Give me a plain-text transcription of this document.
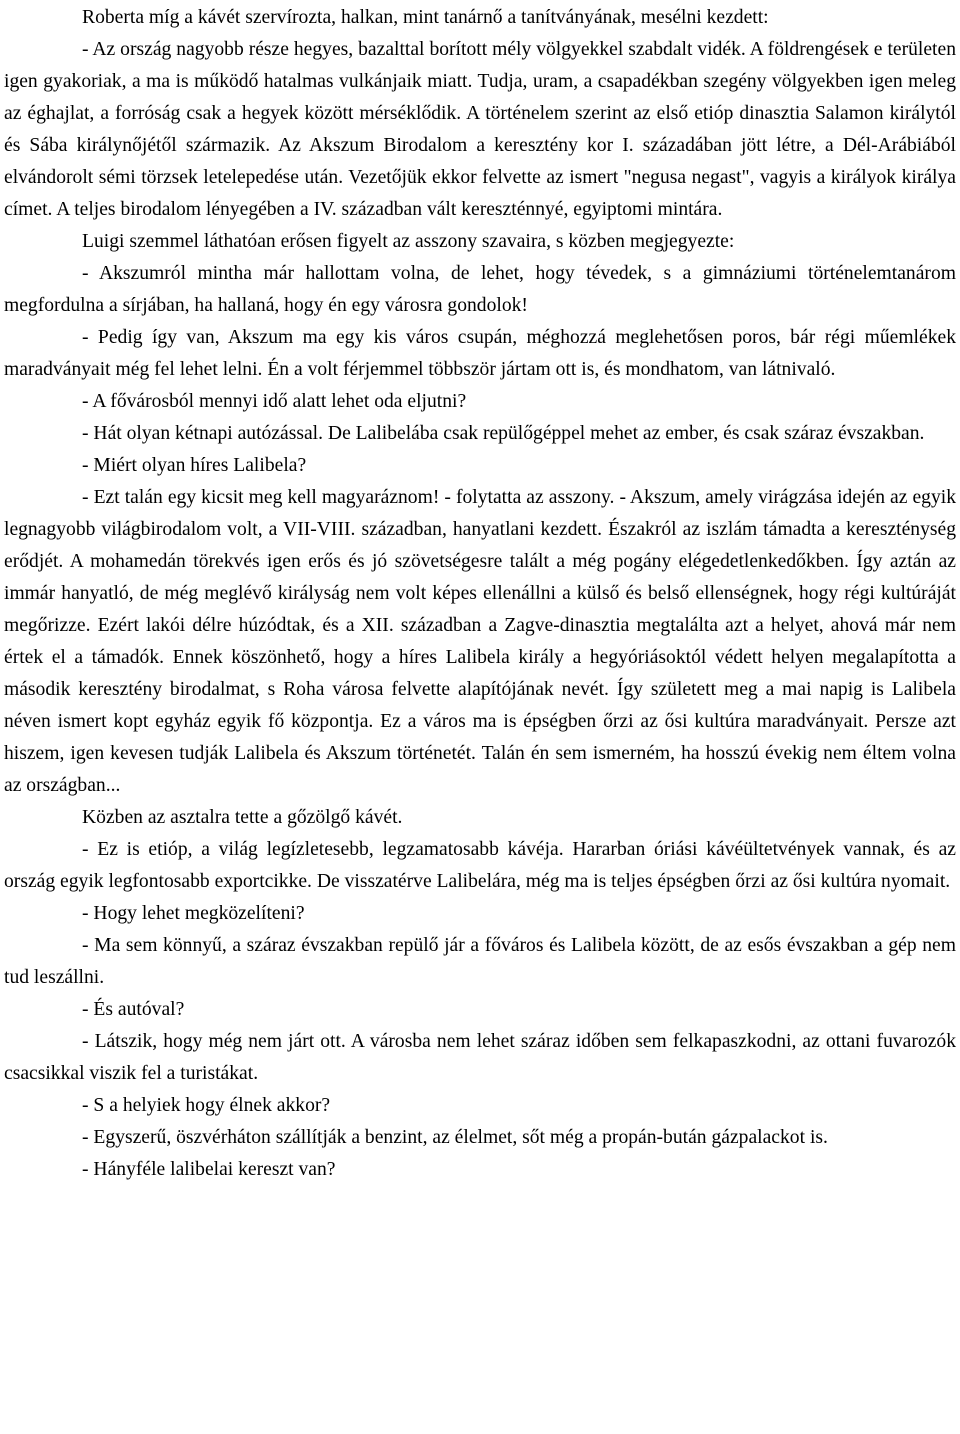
Roberta míg a kávét szervírozta, halkan, mint tanárnő a tanítványának, mesélni kezdett:

- Az ország nagyobb része hegyes, bazalttal borított mély völgyekkel szabdalt vidék. A földrengések e területen igen gyakoriak, a ma is működő hatalmas vulkánjaik miatt. Tudja, uram, a csapadékban szegény völgyekben igen meleg az éghajlat, a forróság csak a hegyek között mérséklődik. A történelem szerint az első etióp dinasztia Salamon királytól és Sába királynőjétől származik. Az Akszum Birodalom a keresztény kor I. századában jött létre, a Dél-Arábiából elvándorolt sémi törzsek letelepedése után. Vezetőjük ekkor felvette az ismert "negusa negast", vagyis a királyok királya címet. A teljes birodalom lényegében a IV. században vált kereszténnyé, egyiptomi mintára.

Luigi szemmel láthatóan erősen figyelt az asszony szavaira, s közben megjegyezte:

- Akszumról mintha már hallottam volna, de lehet, hogy tévedek, s a gimnáziumi történelemtanárom megfordulna a sírjában, ha hallaná, hogy én egy városra gondolok!

- Pedig így van, Akszum ma egy kis város csupán, méghozzá meglehetősen poros, bár régi műemlékek maradványait még fel lehet lelni. Én a volt férjemmel többször jártam ott is, és mondhatom, van látnivaló.

- A fővárosból mennyi idő alatt lehet oda eljutni?

- Hát olyan kétnapi autózással. De Lalibelába csak repülőgéppel mehet az ember, és csak száraz évszakban.

- Miért olyan híres Lalibela?

- Ezt talán egy kicsit meg kell magyaráznom! - folytatta az asszony. - Akszum, amely virágzása idején az egyik legnagyobb világbirodalom volt, a VII-VIII. században, hanyatlani kezdett. Északról az iszlám támadta a kereszténység erődjét. A mohamedán törekvés igen erős és jó szövetségesre talált a még pogány elégedetlenkedőkben. Így aztán az immár hanyatló, de még meglévő királyság nem volt képes ellenállni a külső és belső ellenségnek, hogy régi kultúráját megőrizze. Ezért lakói délre húzódtak, és a XII. században a Zagve-dinasztia megtalálta azt a helyet, ahová már nem értek el a támadók. Ennek köszönhető, hogy a híres Lalibela király a hegyóriásoktól védett helyen megalapította a második keresztény birodalmat, s Roha városa felvette alapítójának nevét. Így született meg a mai napig is Lalibela néven ismert kopt egyház egyik fő központja. Ez a város ma is épségben őrzi az ősi kultúra maradványait. Persze azt hiszem, igen kevesen tudják Lalibela és Akszum történetét. Talán én sem ismerném, ha hosszú évekig nem éltem volna az országban...

Közben az asztalra tette a gőzölgő kávét.

- Ez is etióp, a világ legízletesebb, legzamatosabb kávéja. Hararban óriási kávéültetvények vannak, és az ország egyik legfontosabb exportcikke. De visszatérve Lalibelára, még ma is teljes épségben őrzi az ősi kultúra nyomait.

- Hogy lehet megközelíteni?

- Ma sem könnyű, a száraz évszakban repülő jár a főváros és Lalibela között, de az esős évszakban a gép nem tud leszállni.

- És autóval?

- Látszik, hogy még nem járt ott. A városba nem lehet száraz időben sem felkapaszkodni, az ottani fuvarozók csacsikkal viszik fel a turistákat.

- S a helyiek hogy élnek akkor?

- Egyszerű, öszvérháton szállítják a benzint, az élelmet, sőt még a propán-bután gázpalackot is.

- Hányféle lalibelai kereszt van?
